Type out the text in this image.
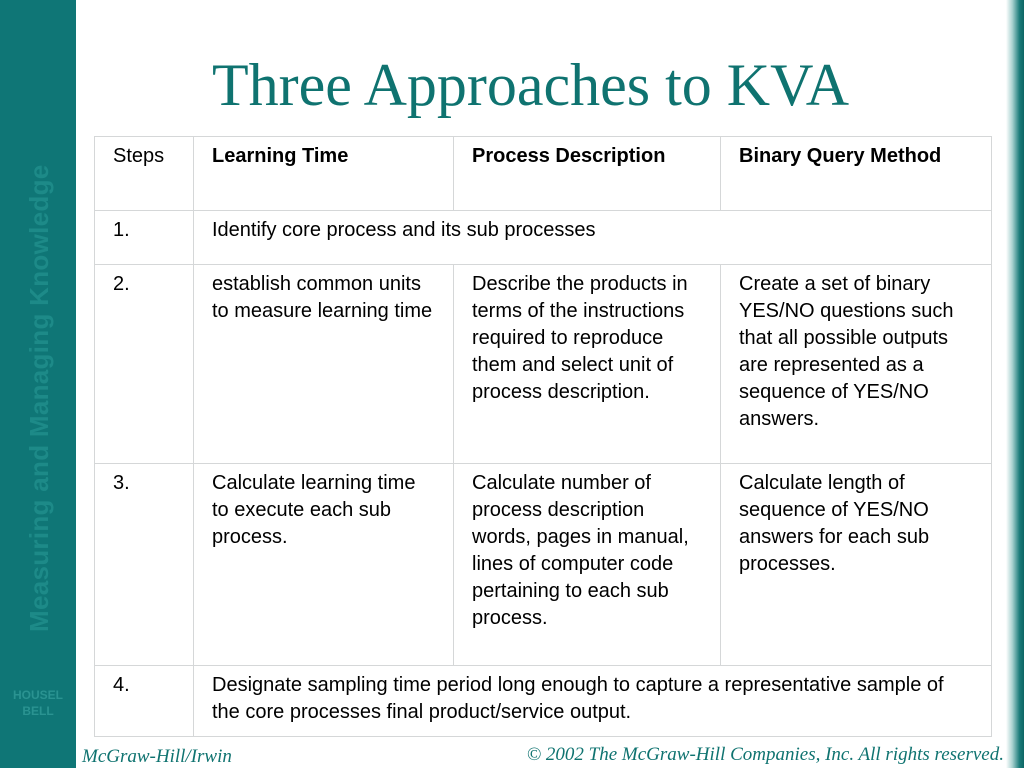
Measuring and Managing Knowledge
HOUSEL
BELL
Three Approaches to KVA
Steps	Learning Time	Process Description	Binary Query Method
1.	Identify core process and its sub processes		
2.	establish common units to measure learning time	Describe the products in terms of the instructions required to reproduce them and select unit of process description.	Create a set of binary YES/NO questions such that all possible outputs are represented as a sequence of YES/NO answers.
3.	Calculate learning time to execute each sub process.	Calculate number of process description words, pages in manual, lines of computer code pertaining to each sub process.	Calculate length of sequence of YES/NO answers for each sub processes.
4.	Designate sampling time period long enough to capture a representative sample of the core processes final product/service output.		
McGraw-Hill/Irwin	© 2002 The McGraw-Hill Companies, Inc. All rights reserved.
